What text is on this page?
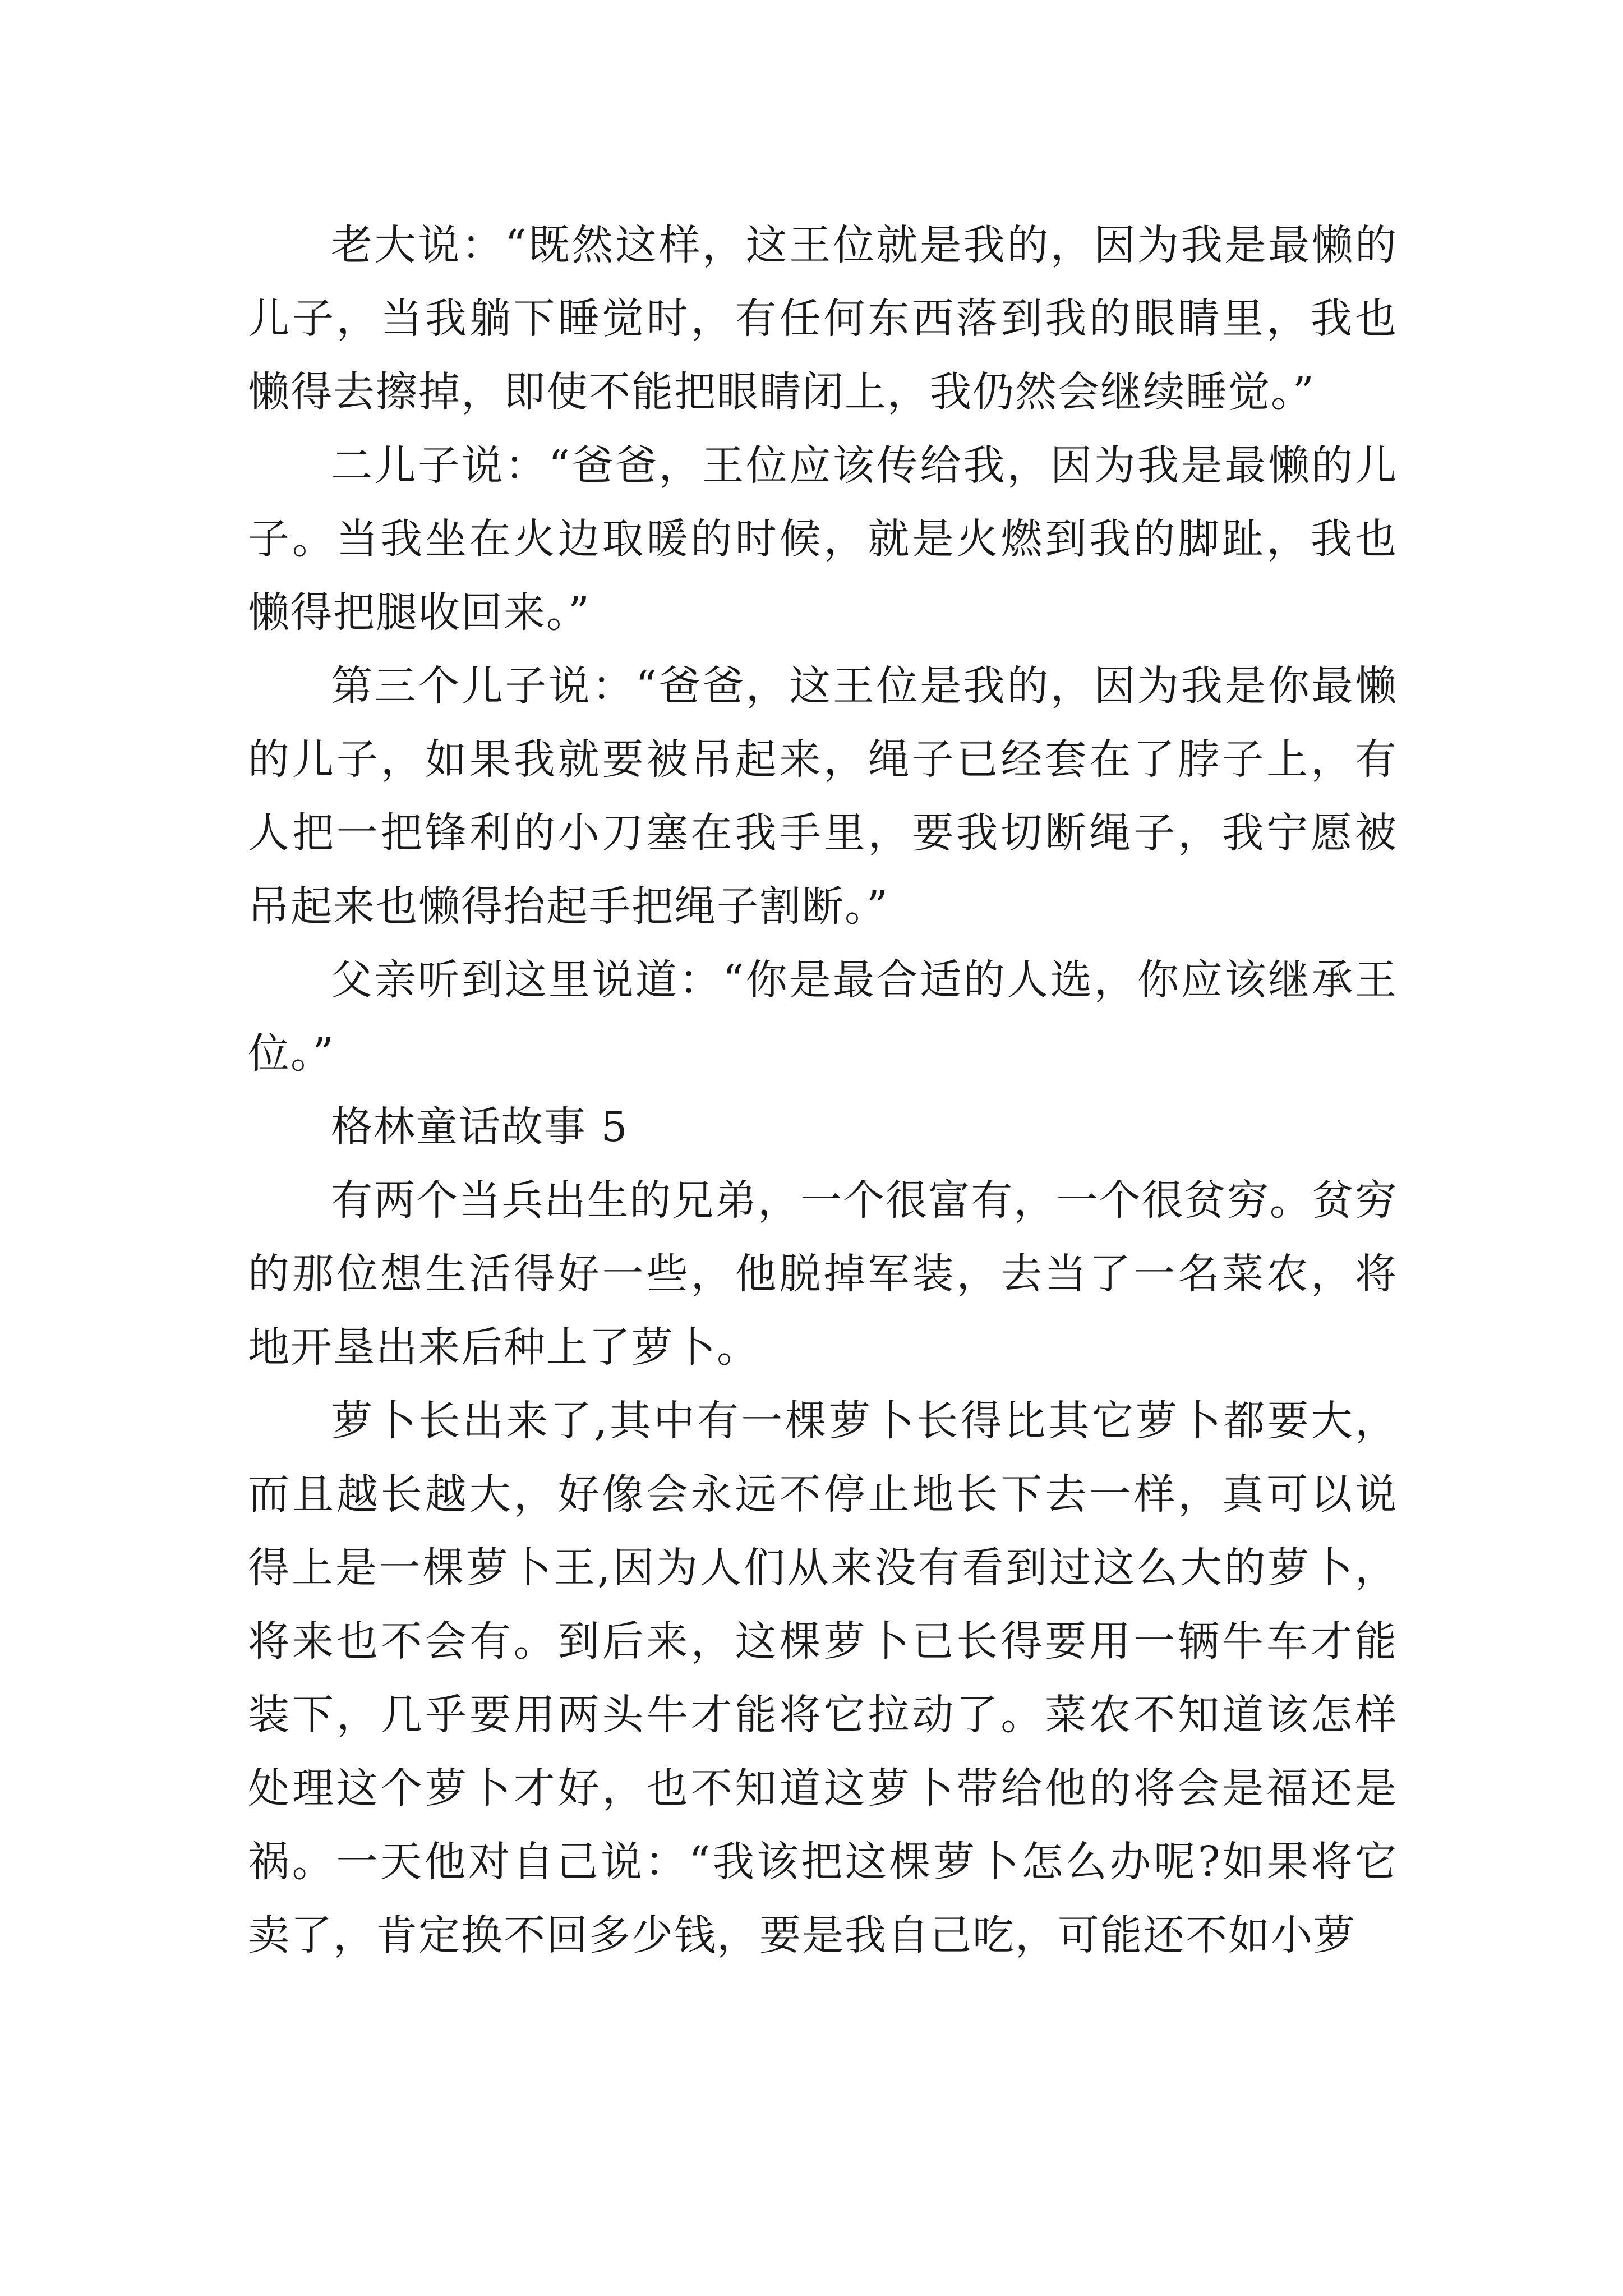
老大说：“既然这样，这王位就是我的，因为我是最懒的儿子，当我躺下睡觉时，有任何东西落到我的眼睛里，我也懒得去擦掉，即使不能把眼睛闭上，我仍然会继续睡觉。”

二儿子说：“爸爸，王位应该传给我，因为我是最懒的儿子。当我坐在火边取暖的时候，就是火燃到我的脚趾，我也懒得把腿收回来。”

第三个儿子说：“爸爸，这王位是我的，因为我是你最懒的儿子，如果我就要被吊起来，绳子已经套在了脖子上，有人把一把锋利的小刀塞在我手里，要我切断绳子，我宁愿被吊起来也懒得抬起手把绳子割断。”

父亲听到这里说道：“你是最合适的人选，你应该继承王位。”

格林童话故事 5

有两个当兵出生的兄弟，一个很富有，一个很贫穷。贫穷的那位想生活得好一些，他脱掉军装，去当了一名菜农，将地开垦出来后种上了萝卜。

萝卜长出来了,其中有一棵萝卜长得比其它萝卜都要大，而且越长越大，好像会永远不停止地长下去一样，真可以说得上是一棵萝卜王,因为人们从来没有看到过这么大的萝卜，将来也不会有。到后来，这棵萝卜已长得要用一辆牛车才能装下，几乎要用两头牛才能将它拉动了。菜农不知道该怎样处理这个萝卜才好，也不知道这萝卜带给他的将会是福还是祸。一天他对自己说：“我该把这棵萝卜怎么办呢?如果将它卖了，肯定换不回多少钱，要是我自己吃，可能还不如小萝
